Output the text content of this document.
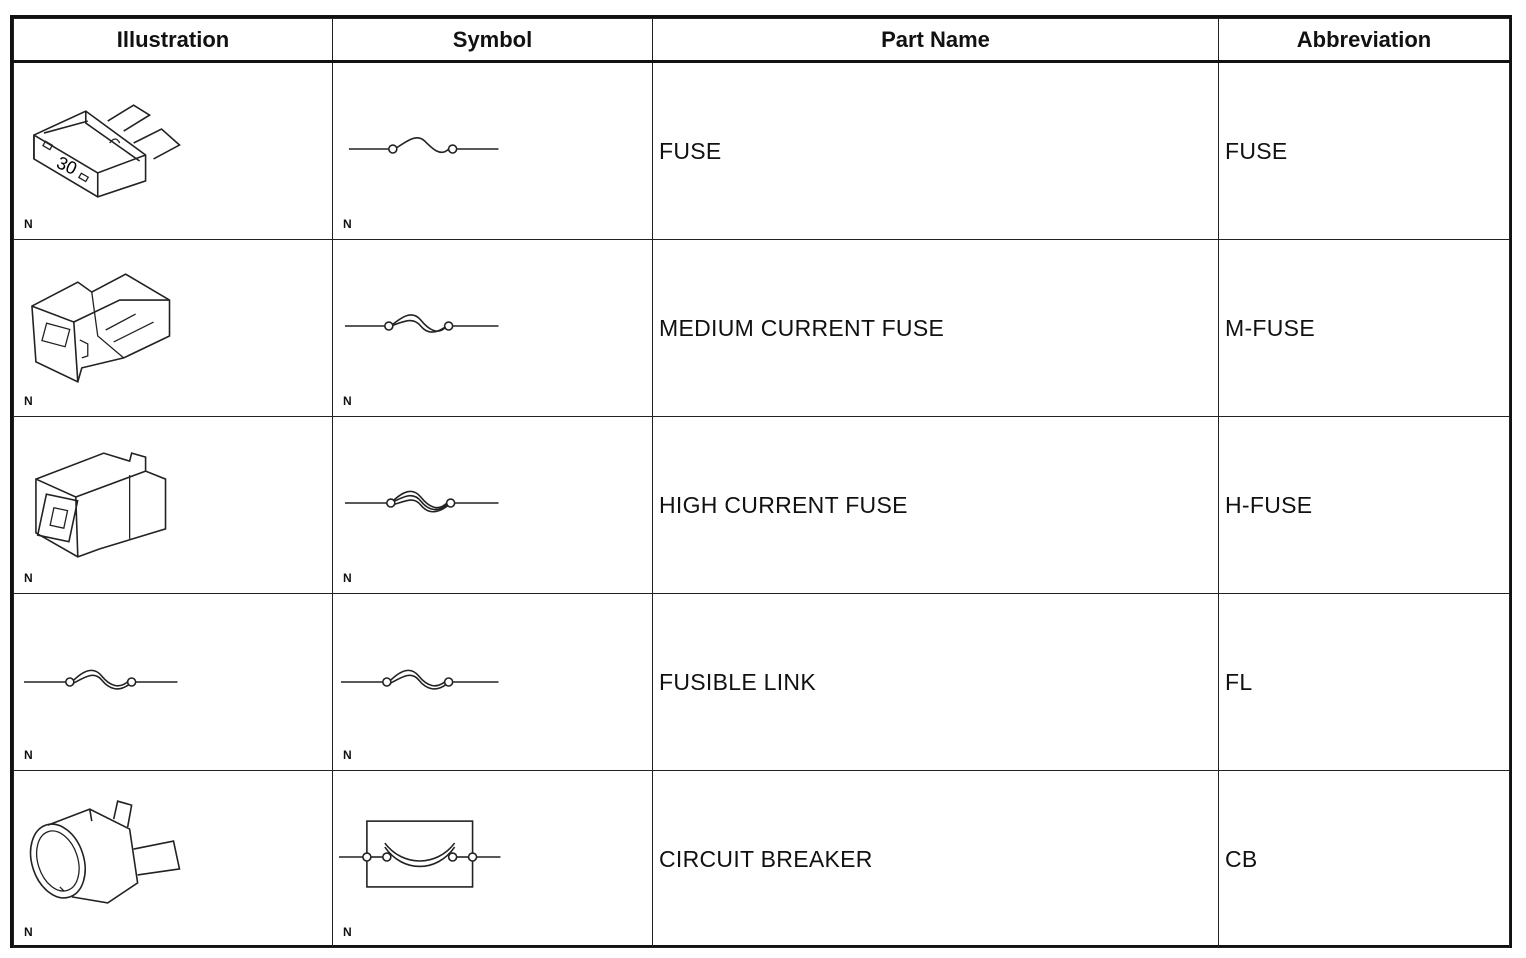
Illustration	Symbol	Part Name	Abbreviation

30
N	N	FUSE	FUSE

N	N	MEDIUM CURRENT FUSE	M-FUSE

N	N	HIGH CURRENT FUSE	H-FUSE

N	N	FUSIBLE LINK	FL

N	N	CIRCUIT BREAKER	CB
